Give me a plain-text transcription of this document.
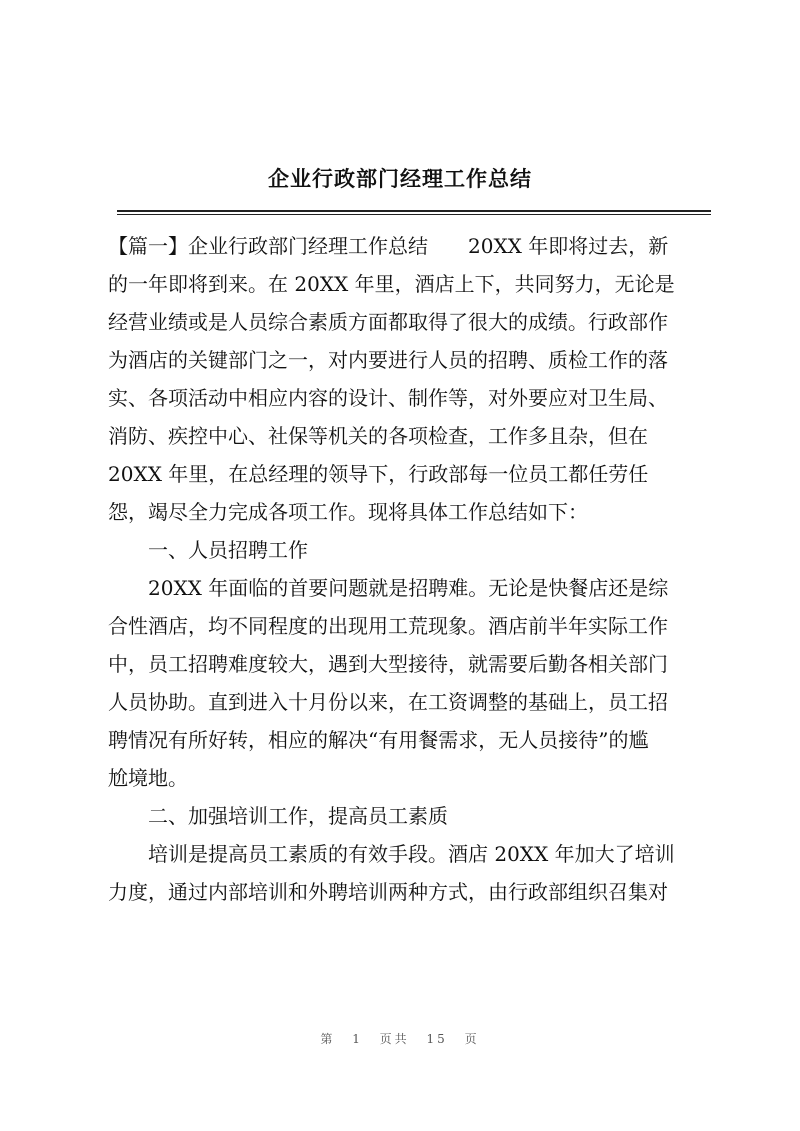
企业行政部门经理工作总结
【篇一】企业行政部门经理工作总结　　20XX 年即将过去，新
的一年即将到来。在 20XX 年里，酒店上下，共同努力，无论是
经营业绩或是人员综合素质方面都取得了很大的成绩。行政部作
为酒店的关键部门之一，对内要进行人员的招聘、质检工作的落
实、各项活动中相应内容的设计、制作等，对外要应对卫生局、
消防、疾控中心、社保等机关的各项检查，工作多且杂，但在
20XX 年里，在总经理的领导下，行政部每一位员工都任劳任
怨，竭尽全力完成各项工作。现将具体工作总结如下：
　　一、人员招聘工作
　　20XX 年面临的首要问题就是招聘难。无论是快餐店还是综
合性酒店，均不同程度的出现用工荒现象。酒店前半年实际工作
中，员工招聘难度较大，遇到大型接待，就需要后勤各相关部门
人员协助。直到进入十月份以来，在工资调整的基础上，员工招
聘情况有所好转，相应的解决“有用餐需求，无人员接待”的尴
尬境地。
　　二、加强培训工作，提高员工素质
　　培训是提高员工素质的有效手段。酒店 20XX 年加大了培训
力度，通过内部培训和外聘培训两种方式，由行政部组织召集对
第 1 页共 15 页
